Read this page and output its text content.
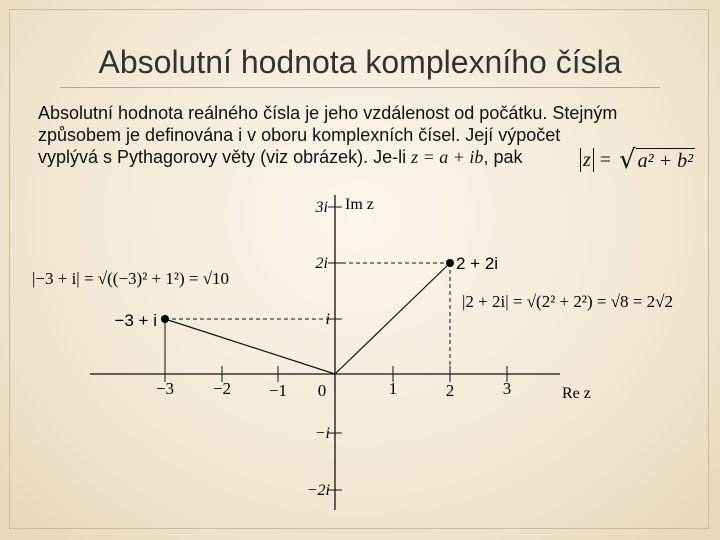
Absolutní hodnota komplexního čísla

Absolutní hodnota reálného čísla je jeho vzdálenost od počátku. Stejným
způsobem je definována i v oboru komplexních čísel. Její výpočet
vyplývá s Pythagorovy věty (viz obrázek). Je-li z = a + ib, pak	z = √ a² + b²
−3 −2 −1 0	1	2	3
3i
2i
i
−i
−2i
Im z
Re z
2 + 2i
−3 + i
|2 + 2i| = √(2² + 2²) = √8 = 2√2
|−3 + i| = √((−3)² + 1²) = √10
